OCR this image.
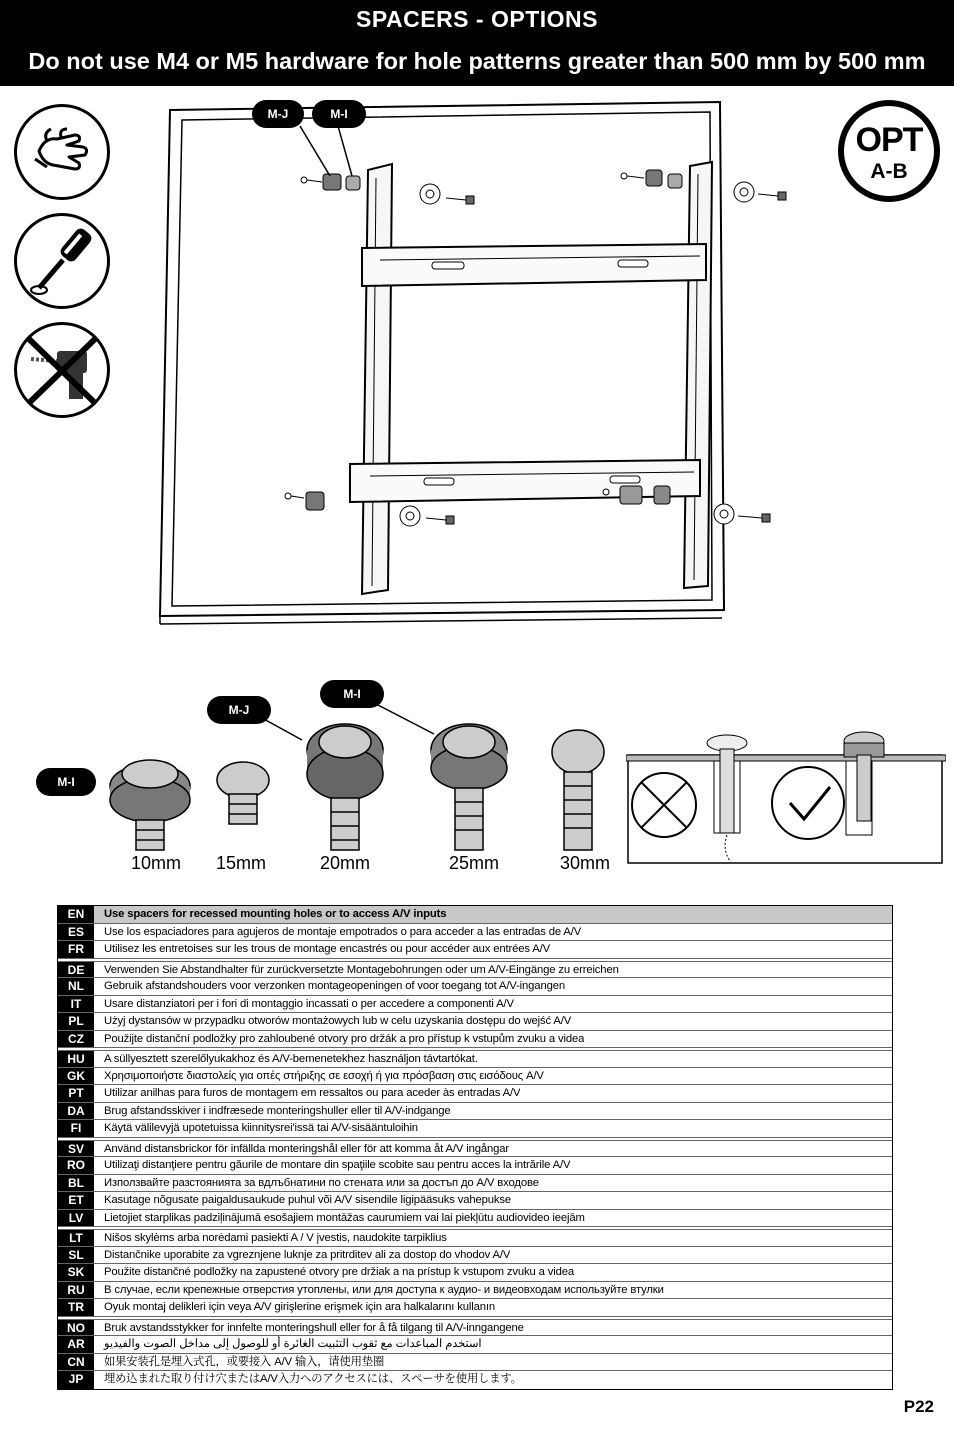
SPACERS - OPTIONS
Do not use M4 or M5 hardware for hole patterns greater than 500 mm by 500 mm
OPT
A-B
M-J	M-I
M-J
M-I
M-I
10mm 15mm	20mm	25mm	30mm
EN	Use spacers for recessed mounting holes or to access A/V inputs
ES	Use los espaciadores para agujeros de montaje empotrados o para acceder a las entradas de A/V
FR	Utilisez les entretoises sur les trous de montage encastrés ou pour accéder aux entrées A/V
DE	Verwenden Sie Abstandhalter für zurückversetzte Montagebohrungen oder um A/V-Eingänge zu erreichen
NL	Gebruik afstandshouders voor verzonken montageopeningen of voor toegang tot A/V-ingangen
IT	Usare distanziatori per i fori di montaggio incassati o per accedere a componenti A/V
PL	Użyj dystansów w przypadku otworów montażowych lub w celu uzyskania dostępu do wejść A/V
CZ	Použijte distanční podložky pro zahloubené otvory pro držák a pro přístup k vstupům zvuku a videa
HU	A süllyesztett szerelőlyukakhoz és A/V-bemenetekhez használjon távtartókat.
GK	Χρησιμοποιήστε διαστολείς για οπές στήριξης σε εσοχή ή για πρόσβαση στις εισόδους A/V
PT	Utilizar anilhas para furos de montagem em ressaltos ou para aceder às entradas A/V
DA	Brug afstandsskiver i indfræsede monteringshuller eller til A/V-indgange
FI	Käytä välilevyjä upotetuissa kiinnitysrei'issä tai A/V-sisääntuloihin
SV	Använd distansbrickor för infällda monteringshål eller för att komma åt A/V ingångar
RO	Utilizaţi distanţiere pentru găurile de montare din spaţiile scobite sau pentru acces la intrările A/V
BL	Използвайте разстоянията за вдлъбнатини по стената или за достъп до A/V входове
ET	Kasutage nõgusate paigaldusaukude puhul või A/V sisendile ligipääsuks vahepukse
LV	Lietojiet starplikas padziļinājumā esošajiem montāžas caurumiem vai lai piekļūtu audiovideo ieejām
LT	Nišos skylėms arba norėdami pasiekti A / V įvestis, naudokite tarpiklius
SL	Distančnike uporabite za vgreznjene luknje za pritrditev ali za dostop do vhodov A/V
SK	Použite distančné podložky na zapustené otvory pre držiak a na prístup k vstupom zvuku a videa
RU	В случае, если крепежные отверстия утоплены, или для доступа к аудио- и видеовходам используйте втулки
TR	Oyuk montaj delikleri için veya A/V girişlerine erişmek için ara halkalarını kullanın
NO	Bruk avstandsstykker for innfelte monteringshull eller for å få tilgang til A/V-inngangene
AR	استخدم المباعدات مع ثقوب التثبيت الغائرة أو للوصول إلى مداخل الصوت والفيديو
CN	如果安装孔是埋入式孔，或要接入 A/V 输入，请使用垫圈
JP	埋め込まれた取り付け穴またはA/V入力へのアクセスには、スペーサを使用します。
P22
